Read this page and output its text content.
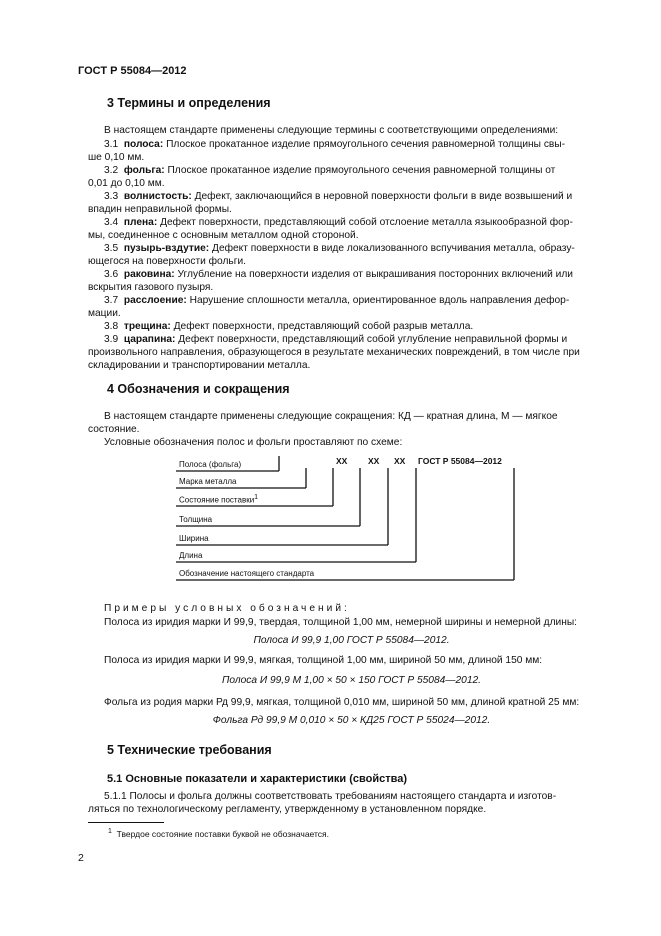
ГОСТ Р 55084—2012
3 Термины и определения
В настоящем стандарте применены следующие термины с соответствующими определениями:
3.1 полоса: Плоское прокатанное изделие прямоугольного сечения равномерной толщины свы-
ше 0,10 мм.
3.2 фольга: Плоское прокатанное изделие прямоугольного сечения равномерной толщины от
0,01 до 0,10 мм.
3.3 волнистость: Дефект, заключающийся в неровной поверхности фольги в виде возвышений и
впадин неправильной формы.
3.4 плена: Дефект поверхности, представляющий собой отслоение металла языкообразной фор-
мы, соединенное с основным металлом одной стороной.
3.5 пузырь-вздутие: Дефект поверхности в виде локализованного вспучивания металла, образу-
ющегося на поверхности фольги.
3.6 раковина: Углубление на поверхности изделия от выкрашивания посторонних включений или
вскрытия газового пузыря.
3.7 расслоение: Нарушение сплошности металла, ориентированное вдоль направления дефор-
мации.
3.8 трещина: Дефект поверхности, представляющий собой разрыв металла.
3.9 царапина: Дефект поверхности, представляющий собой углубление неправильной формы и
произвольного направления, образующегося в результате механических повреждений, в том числе при
складировании и транспортировании металла.
4 Обозначения и сокращения
В настоящем стандарте применены следующие сокращения: КД — кратная длина, М — мягкое
состояние.
Условные обозначения полос и фольги проставляют по схеме:
Полоса (фольга)
Марка металла
Состояние поставки$^1$
Толщина
Ширина
Длина
Обозначение настоящего стандарта
XX XX XX ГОСТ Р 55084—2012
Примеры условных обозначений:
Полоса из иридия марки И 99,9, твердая, толщиной 1,00 мм, немерной ширины и немерной длины:
Полоса И 99,9 1,00 ГОСТ Р 55084—2012.
Полоса из иридия марки И 99,9, мягкая, толщиной 1,00 мм, шириной 50 мм, длиной 150 мм:
Полоса И 99,9 М 1,00 × 50 × 150 ГОСТ Р 55084—2012.
Фольга из родия марки Рд 99,9, мягкая, толщиной 0,010 мм, шириной 50 мм, длиной кратной 25 мм:
Фольга Рд 99,9 М 0,010 × 50 × КД25 ГОСТ Р 55024—2012.
5 Технические требования
5.1 Основные показатели и характеристики (свойства)
5.1.1 Полосы и фольга должны соответствовать требованиям настоящего стандарта и изготов-
ляться по технологическому регламенту, утвержденному в установленном порядке.
$^1$ Твердое состояние поставки буквой не обозначается.
2
